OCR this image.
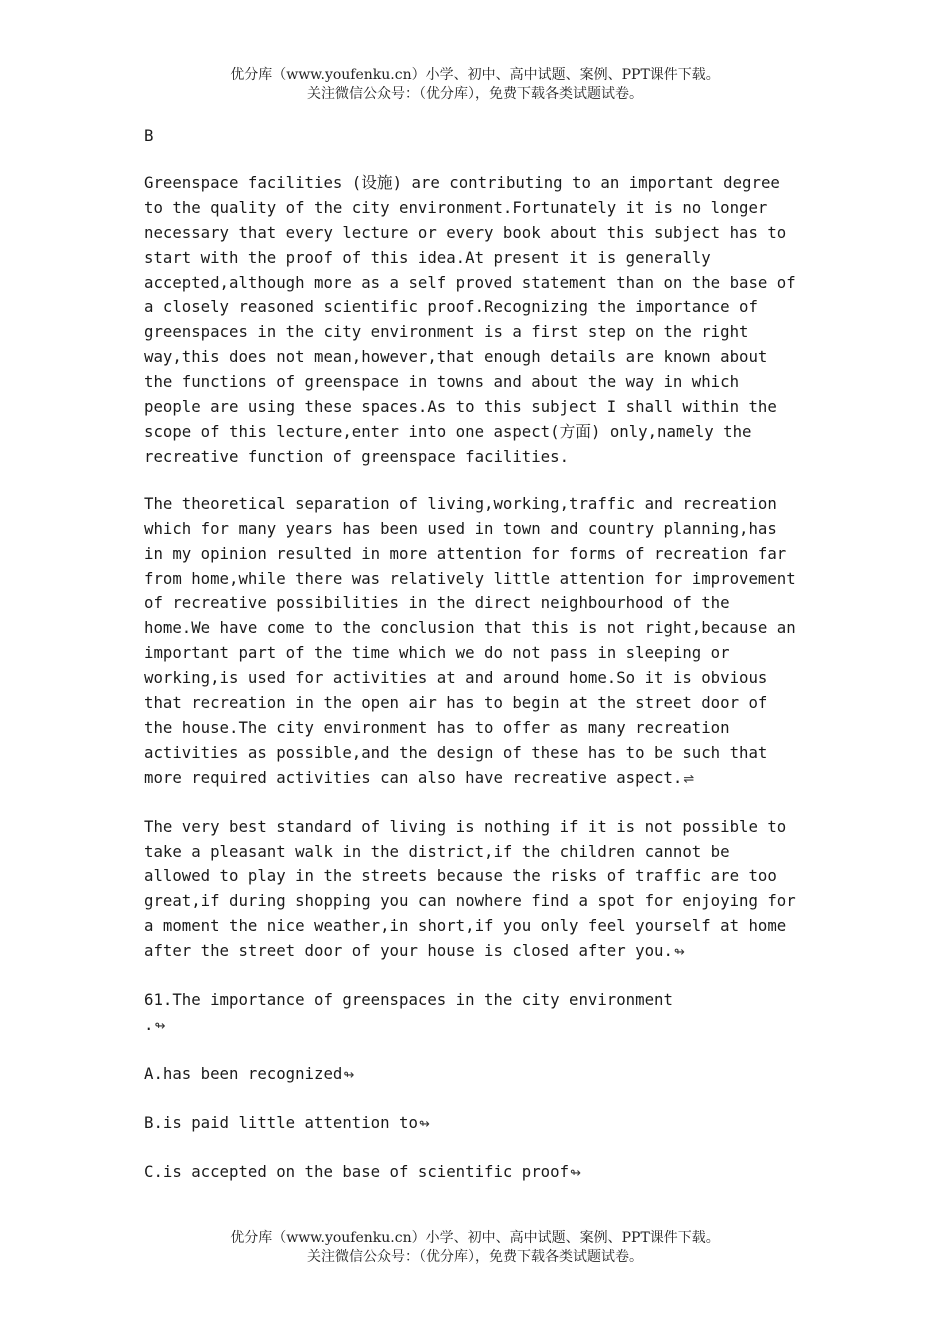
优分库（www.youfenku.cn）小学、初中、高中试题、案例、PPT课件下载。
关注微信公众号：（优分库），免费下载各类试题试卷。

B

Greenspace facilities (设施) are contributing to an important degree

to the quality of the city environment.Fortunately it is no longer

necessary that every lecture or every book about this subject has to

start with the proof of this idea.At present it is generally

accepted,although more as a self proved statement than on the base of

a closely reasoned scientific proof.Recognizing the importance of

greenspaces in the city environment is a first step on the right

way,this does not mean,however,that enough details are known about

the functions of greenspace in towns and about the way in which

people are using these spaces.As to this subject I shall within the

scope of this lecture,enter into one aspect(方面) only,namely the

recreative function of greenspace facilities.

The theoretical separation of living,working,traffic and recreation

which for many years has been used in town and country planning,has

in my opinion resulted in more attention for forms of recreation far

from home,while there was relatively little attention for improvement

of recreative possibilities in the direct neighbourhood of the

home.We have come to the conclusion that this is not right,because an

important part of the time which we do not pass in sleeping or

working,is used for activities at and around home.So it is obvious

that recreation in the open air has to begin at the street door of

the house.The city environment has to offer as many recreation

activities as possible,and the design of these has to be such that

more required activities can also have recreative aspect.⇌

The very best standard of living is nothing if it is not possible to

take a pleasant walk in the district,if the children cannot be

allowed to play in the streets because the risks of traffic are too

great,if during shopping you can nowhere find a spot for enjoying for

a moment the nice weather,in short,if you only feel yourself at home

after the street door of your house is closed after you.↬

61.The importance of greenspaces in the city environment

.↬

A.has been recognized↬

B.is paid little attention to↬

C.is accepted on the base of scientific proof↬

优分库（www.youfenku.cn）小学、初中、高中试题、案例、PPT课件下载。
关注微信公众号：（优分库），免费下载各类试题试卷。
